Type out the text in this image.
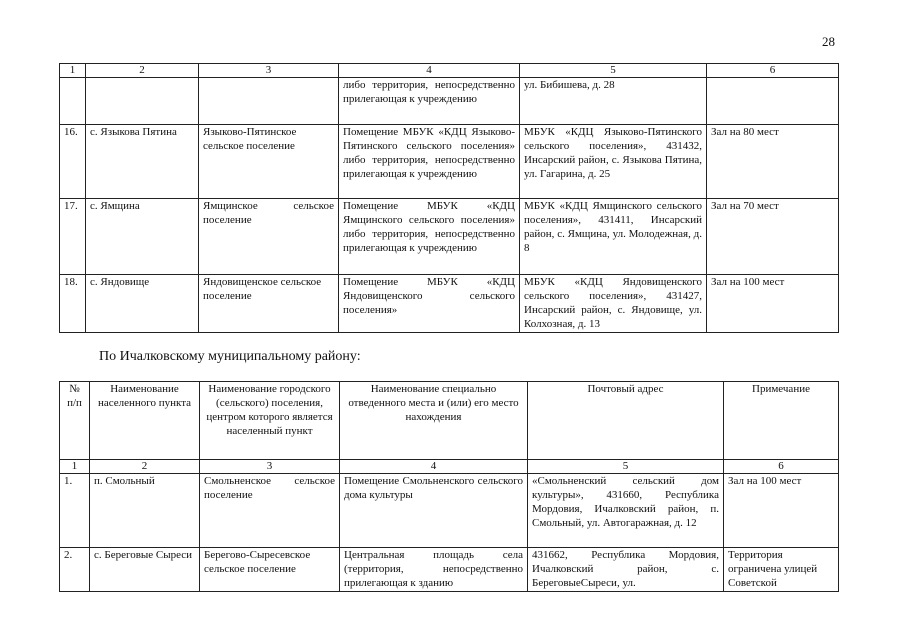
28
1	2	3	4	5	6
			либо территория, непосредственно прилегающая к учреждению	ул. Бибишева, д. 28	
16.	с. Языкова Пятина	Языково-Пятинское сельское поселение	Помещение МБУК «КДЦ Языково-Пятинского сельского поселения» либо территория, непосредственно прилегающая к учреждению	МБУК «КДЦ Языково-Пятинского сельского поселения», 431432, Инсарский район, с. Языкова Пятина, ул. Гагарина, д. 25	Зал на 80 мест
17.	с. Ямщина	Ямщинское сельское поселение	Помещение МБУК «КДЦ Ямщинского сельского поселения» либо территория, непосредственно прилегающая к учреждению	МБУК «КДЦ Ямщинского сельского поселения», 431411, Инсарский район, с. Ямщина, ул. Молодежная, д. 8	Зал на 70 мест
18.	с. Яндовище	Яндовищенское сельское поселение	Помещение МБУК «КДЦ Яндовищенского сельского поселения»	МБУК «КДЦ Яндовищенского сельского поселения», 431427, Инсарский район, с. Яндовище, ул. Колхозная, д. 13	Зал на 100 мест
По Ичалковскому муниципальному району:
№ п/п	Наименование населенного пункта	Наименование городского (сельского) поселения, центром которого является населенный пункт	Наименование специально отведенного места и (или) его место нахождения	Почтовый адрес	Примечание
1	2	3	4	5	6
1.	п. Смольный	Смольненское сельское поселение	Помещение Смольненского сельского дома культуры	«Смольненский сельский дом культуры», 431660, Республика Мордовия, Ичалковский район, п. Смольный, ул. Автогаражная, д. 12	Зал на 100 мест
2.	с. Береговые Сыреси	Берегово-Сыресевское сельское поселение	Центральная площадь села (территория, непосредственно прилегающая к зданию	431662, Республика Мордовия, Ичалковский район, с. БереговыеСыреси, ул.	Территория ограничена улицей Советской
